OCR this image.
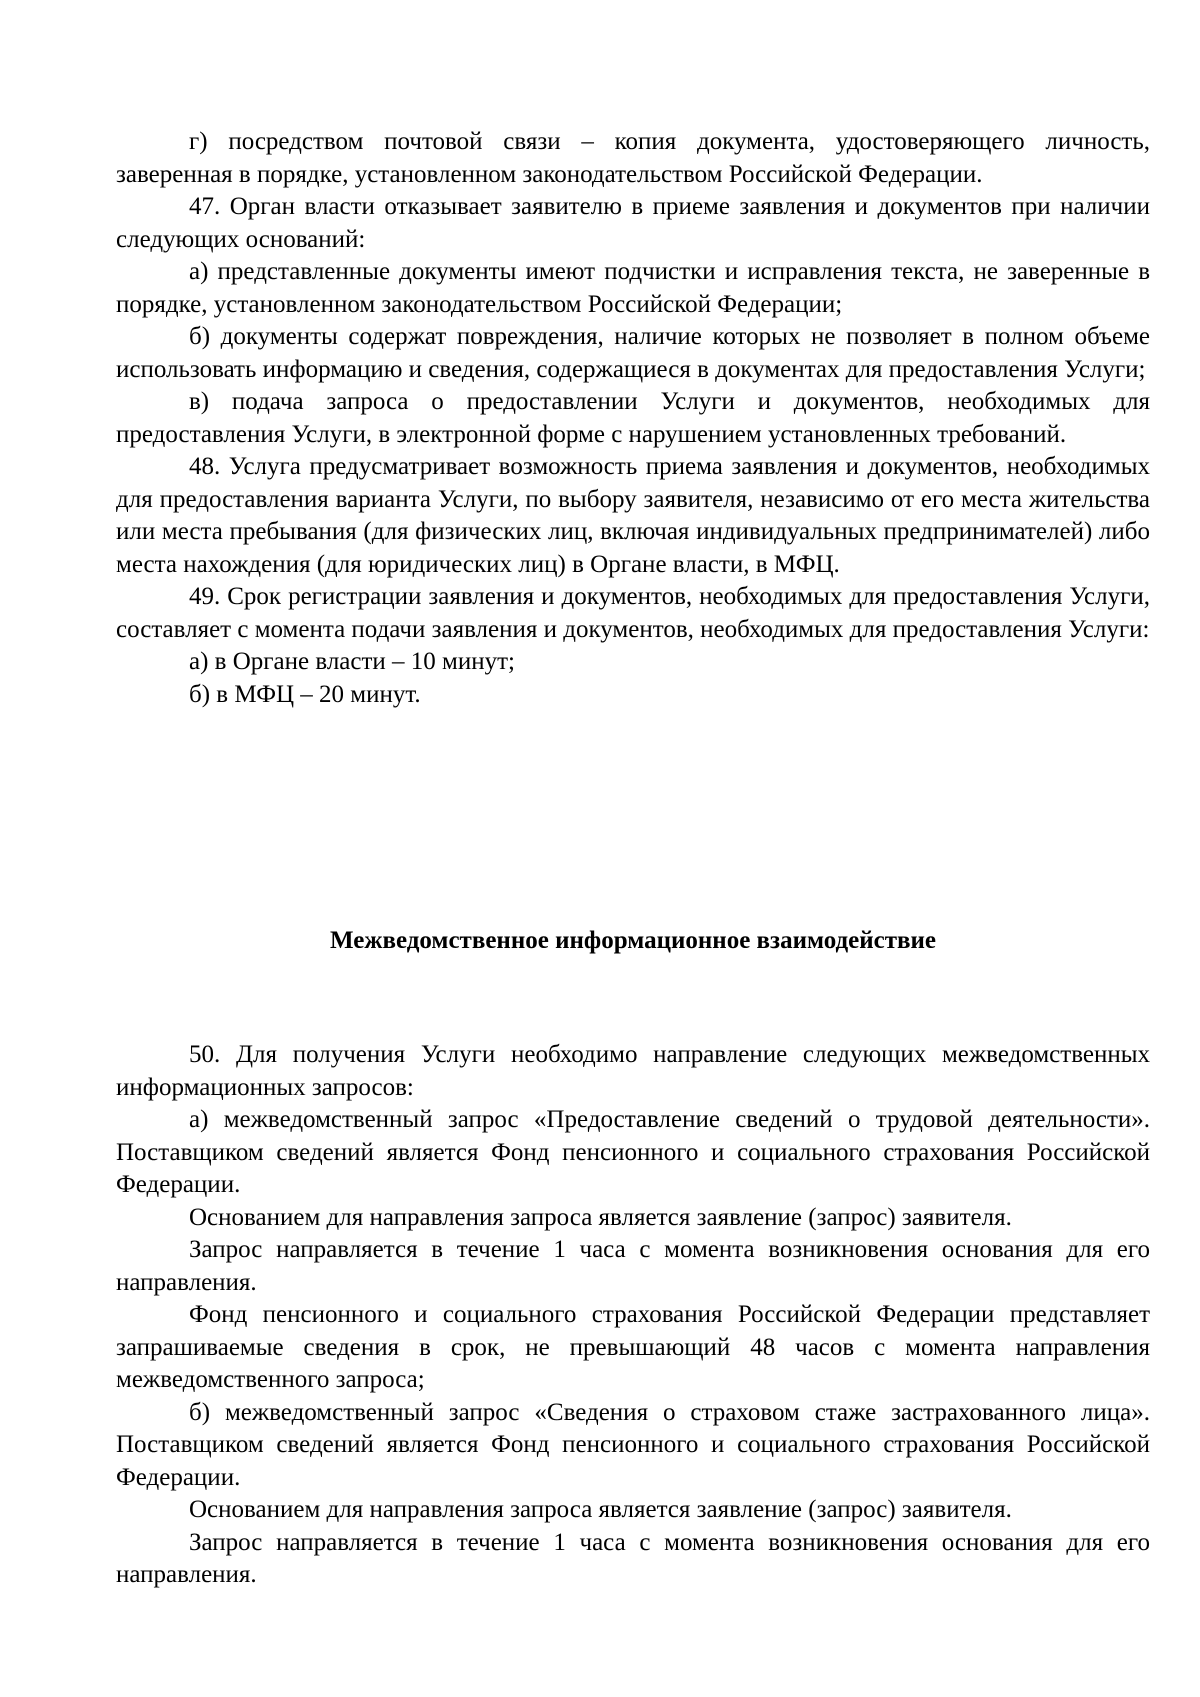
г) посредством почтовой связи – копия документа, удостоверяющего личность, заверенная в порядке, установленном законодательством Российской Федерации.

47. Орган власти отказывает заявителю в приеме заявления и документов при наличии следующих оснований:

а) представленные документы имеют подчистки и исправления текста, не заверенные в порядке, установленном законодательством Российской Федерации;

б) документы содержат повреждения, наличие которых не позволяет в полном объеме использовать информацию и сведения, содержащиеся в документах для предоставления Услуги;

в) подача запроса о предоставлении Услуги и документов, необходимых для предоставления Услуги, в электронной форме с нарушением установленных требований.

48. Услуга предусматривает возможность приема заявления и документов, необходимых для предоставления варианта Услуги, по выбору заявителя, независимо от его места жительства или места пребывания (для физических лиц, включая индивидуальных предпринимателей) либо места нахождения (для юридических лиц) в Органе власти, в МФЦ.

49. Срок регистрации заявления и документов, необходимых для предоставления Услуги, составляет с момента подачи заявления и документов, необходимых для предоставления Услуги:

а) в Органе власти – 10 минут;

б) в МФЦ – 20 минут.

Межведомственное информационное взаимодействие

50. Для получения Услуги необходимо направление следующих межведомственных информационных запросов:

а) межведомственный запрос «Предоставление сведений о трудовой деятельности». Поставщиком сведений является Фонд пенсионного и социального страхования Российской Федерации.

Основанием для направления запроса является заявление (запрос) заявителя.

Запрос направляется в течение 1 часа с момента возникновения основания для его направления.

Фонд пенсионного и социального страхования Российской Федерации представляет запрашиваемые сведения в срок, не превышающий 48 часов с момента направления межведомственного запроса;

б) межведомственный запрос «Сведения о страховом стаже застрахованного лица». Поставщиком сведений является Фонд пенсионного и социального страхования Российской Федерации.

Основанием для направления запроса является заявление (запрос) заявителя.

Запрос направляется в течение 1 часа с момента возникновения основания для его направления.
